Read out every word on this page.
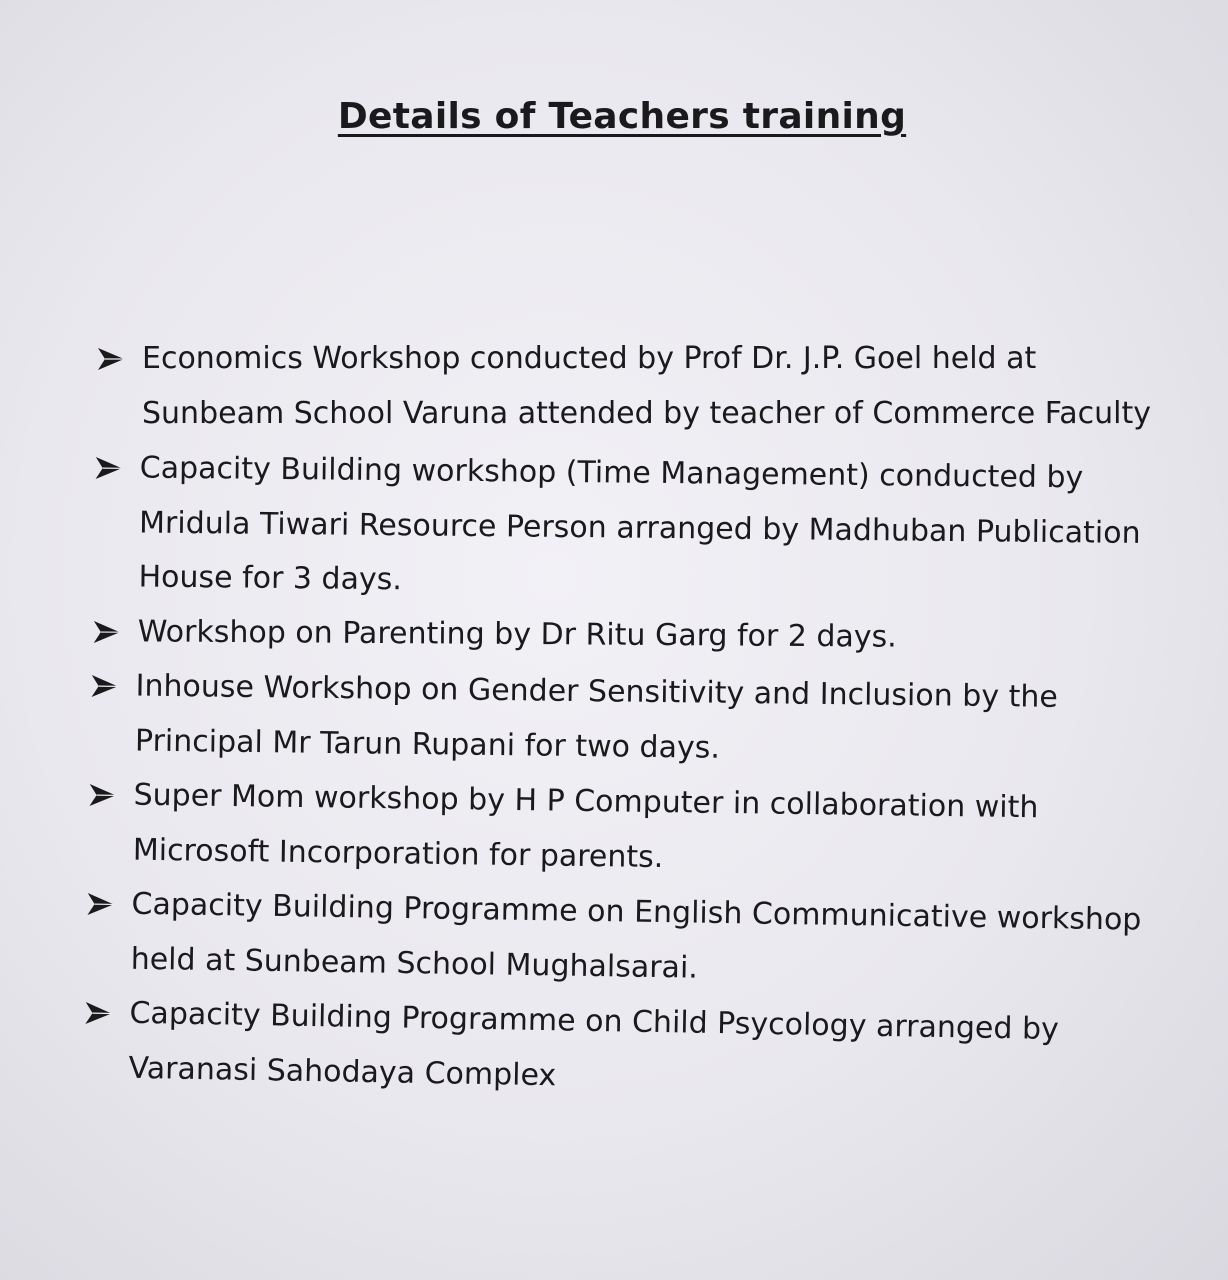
Details of Teachers training
Economics Workshop conducted by Prof Dr. J.P. Goel held at Sunbeam School Varuna attended by teacher of Commerce Faculty
Capacity Building workshop (Time Management) conducted by Mridula Tiwari Resource Person arranged by Madhuban Publication House for 3 days.
Workshop on Parenting by Dr Ritu Garg for 2 days.
Inhouse Workshop on Gender Sensitivity and Inclusion by the Principal Mr Tarun Rupani for two days.
Super Mom workshop by H P Computer in collaboration with Microsoft Incorporation for parents.
Capacity Building Programme on English Communicative workshop held at Sunbeam School Mughalsarai.
Capacity Building Programme on Child Psycology arranged by Varanasi Sahodaya Complex
